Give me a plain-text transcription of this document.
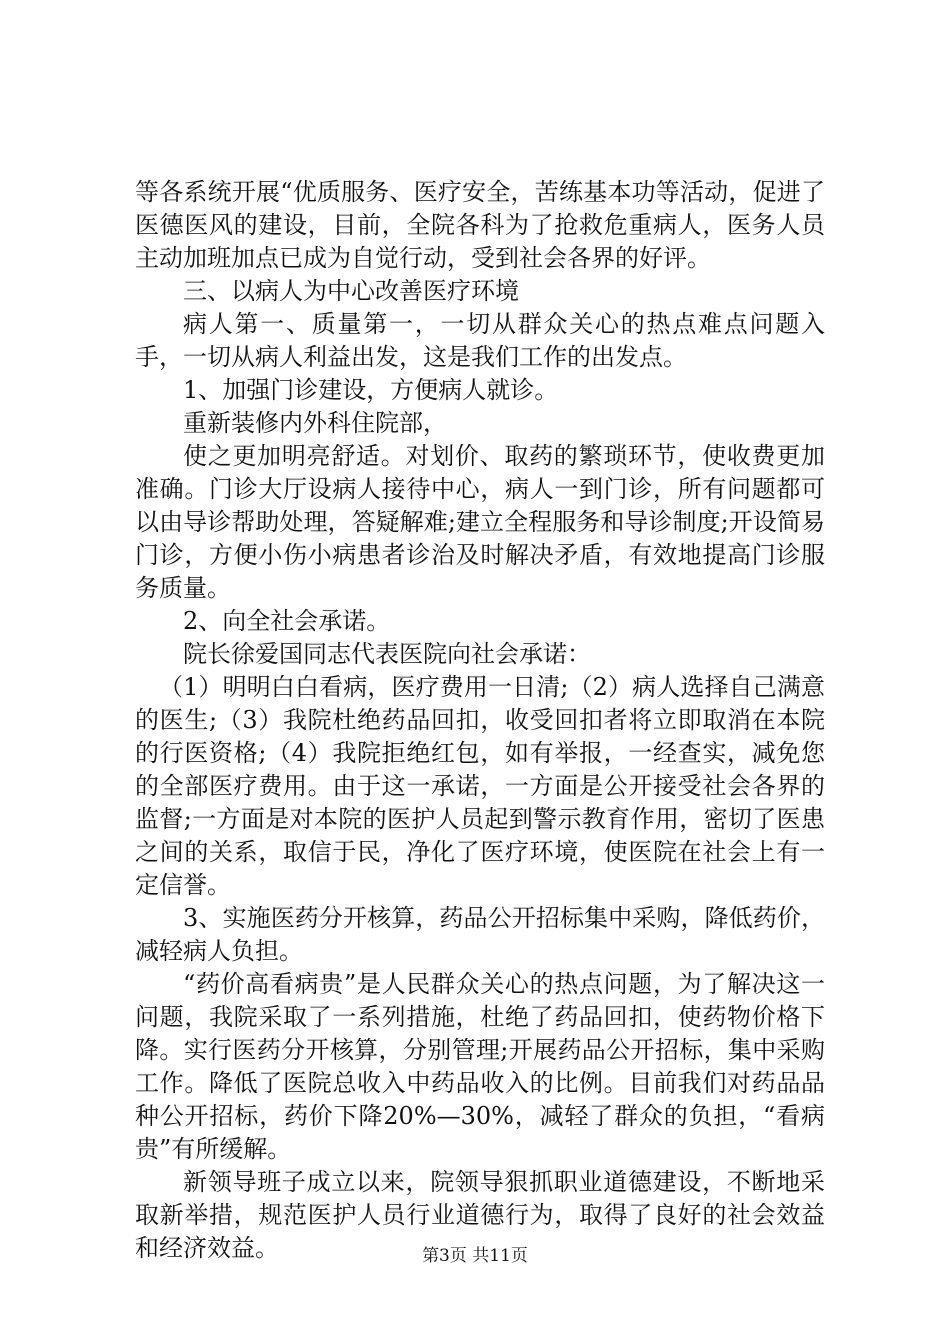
等各系统开展“优质服务、医疗安全，苦练基本功等活动，促进了医德医风的建设，目前，全院各科为了抢救危重病人，医务人员主动加班加点已成为自觉行动，受到社会各界的好评。

三、以病人为中心改善医疗环境

病人第一、质量第一，一切从群众关心的热点难点问题入手，一切从病人利益出发，这是我们工作的出发点。

1、加强门诊建设，方便病人就诊。

重新装修内外科住院部，

使之更加明亮舒适。对划价、取药的繁琐环节，使收费更加准确。门诊大厅设病人接待中心，病人一到门诊，所有问题都可以由导诊帮助处理，答疑解难;建立全程服务和导诊制度;开设简易门诊，方便小伤小病患者诊治及时解决矛盾，有效地提高门诊服务质量。

2、向全社会承诺。

院长徐爱国同志代表医院向社会承诺：

（1）明明白白看病，医疗费用一日清;（2）病人选择自己满意的医生;（3）我院杜绝药品回扣，收受回扣者将立即取消在本院的行医资格;（4）我院拒绝红包，如有举报，一经查实，减免您的全部医疗费用。由于这一承诺，一方面是公开接受社会各界的监督;一方面是对本院的医护人员起到警示教育作用，密切了医患之间的关系，取信于民，净化了医疗环境，使医院在社会上有一定信誉。

3、实施医药分开核算，药品公开招标集中采购，降低药价，减轻病人负担。

“药价高看病贵”是人民群众关心的热点问题，为了解决这一问题，我院采取了一系列措施，杜绝了药品回扣，使药物价格下降。实行医药分开核算，分别管理;开展药品公开招标，集中采购工作。降低了医院总收入中药品收入的比例。目前我们对药品品种公开招标，药价下降20%—30%，减轻了群众的负担，“看病贵”有所缓解。

新领导班子成立以来，院领导狠抓职业道德建设，不断地采取新举措，规范医护人员行业道德行为，取得了良好的社会效益和经济效益。	第3页 共11页
